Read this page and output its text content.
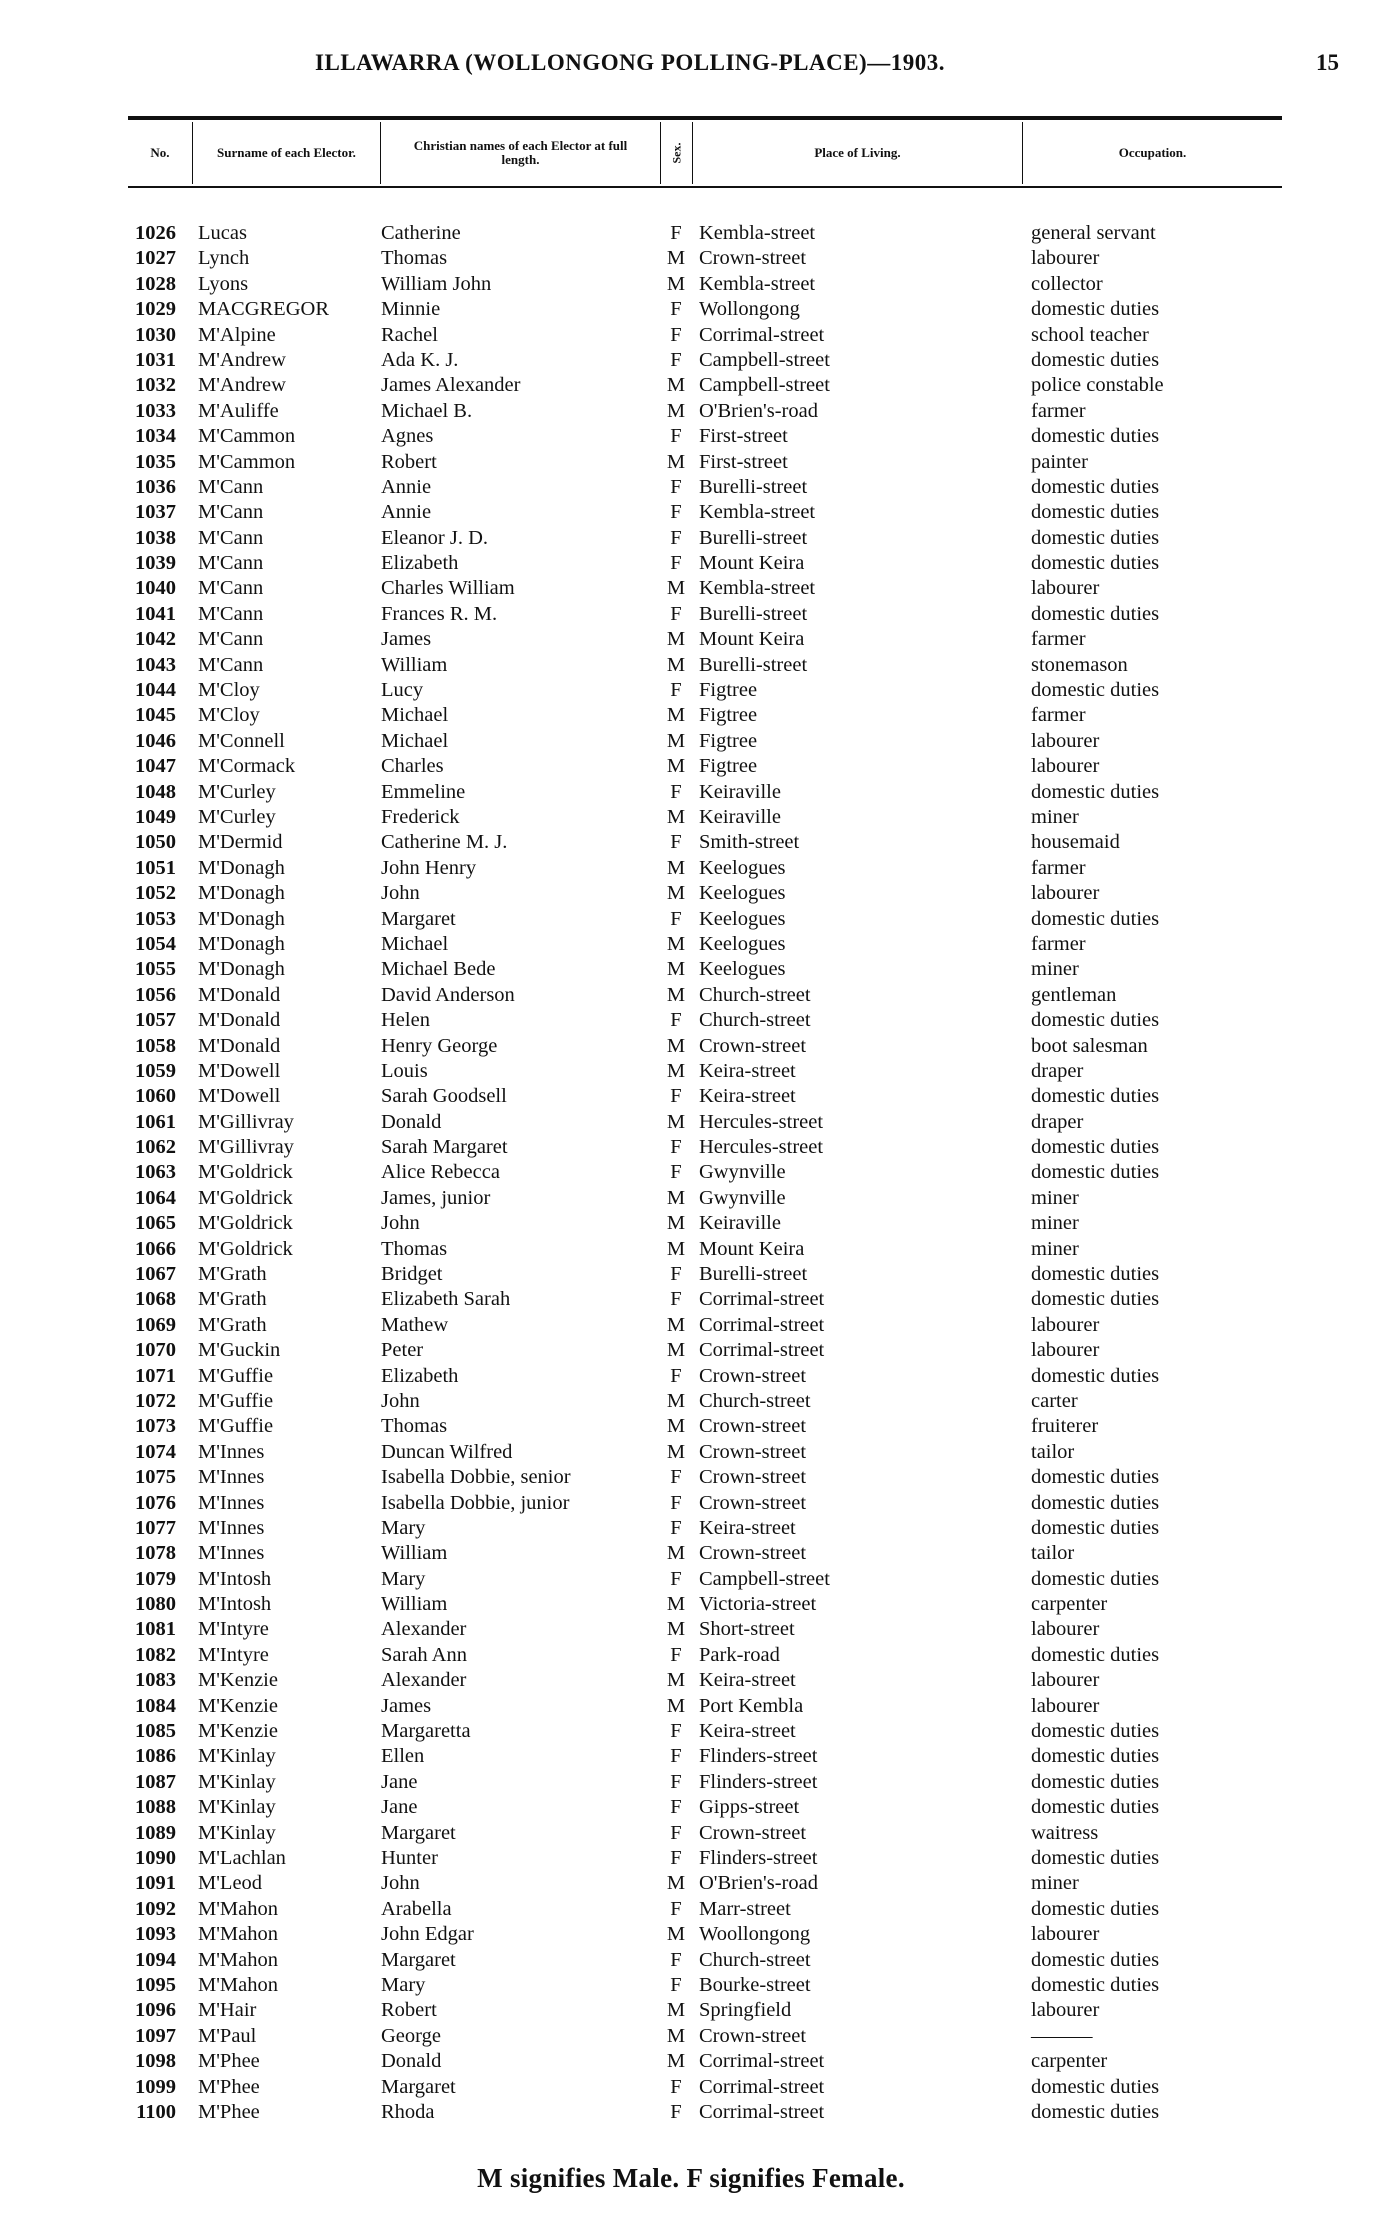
ILLAWARRA (WOLLONGONG POLLING-PLACE)—1903.	15
No.	Surname of each Elector.	Christian names of each Elector at full length.	Sex.	Place of Living.	Occupation.
1026 Lucas	Catherine	F Kembla-street	general servant
1027 Lynch	Thomas	M Crown-street	labourer
1028 Lyons	William John	M Kembla-street	collector
1029 MACGREGOR	Minnie	F Wollongong	domestic duties
1030 M'Alpine	Rachel	F Corrimal-street	school teacher
1031 M'Andrew	Ada K. J.	F Campbell-street	domestic duties
1032 M'Andrew	James Alexander	M Campbell-street	police constable
1033 M'Auliffe	Michael B.	M O'Brien's-road	farmer
1034 M'Cammon	Agnes	F First-street	domestic duties
1035 M'Cammon	Robert	M First-street	painter
1036 M'Cann	Annie	F Burelli-street	domestic duties
1037 M'Cann	Annie	F Kembla-street	domestic duties
1038 M'Cann	Eleanor J. D.	F Burelli-street	domestic duties
1039 M'Cann	Elizabeth	F Mount Keira	domestic duties
1040 M'Cann	Charles William	M Kembla-street	labourer
1041 M'Cann	Frances R. M.	F Burelli-street	domestic duties
1042 M'Cann	James	M Mount Keira	farmer
1043 M'Cann	William	M Burelli-street	stonemason
1044 M'Cloy	Lucy	F Figtree	domestic duties
1045 M'Cloy	Michael	M Figtree	farmer
1046 M'Connell	Michael	M Figtree	labourer
1047 M'Cormack	Charles	M Figtree	labourer
1048 M'Curley	Emmeline	F Keiraville	domestic duties
1049 M'Curley	Frederick	M Keiraville	miner
1050 M'Dermid	Catherine M. J.	F Smith-street	housemaid
1051 M'Donagh	John Henry	M Keelogues	farmer
1052 M'Donagh	John	M Keelogues	labourer
1053 M'Donagh	Margaret	F Keelogues	domestic duties
1054 M'Donagh	Michael	M Keelogues	farmer
1055 M'Donagh	Michael Bede	M Keelogues	miner
1056 M'Donald	David Anderson	M Church-street	gentleman
1057 M'Donald	Helen	F Church-street	domestic duties
1058 M'Donald	Henry George	M Crown-street	boot salesman
1059 M'Dowell	Louis	M Keira-street	draper
1060 M'Dowell	Sarah Goodsell	F Keira-street	domestic duties
1061 M'Gillivray	Donald	M Hercules-street	draper
1062 M'Gillivray	Sarah Margaret	F Hercules-street	domestic duties
1063 M'Goldrick	Alice Rebecca	F Gwynville	domestic duties
1064 M'Goldrick	James, junior	M Gwynville	miner
1065 M'Goldrick	John	M Keiraville	miner
1066 M'Goldrick	Thomas	M Mount Keira	miner
1067 M'Grath	Bridget	F Burelli-street	domestic duties
1068 M'Grath	Elizabeth Sarah	F Corrimal-street	domestic duties
1069 M'Grath	Mathew	M Corrimal-street	labourer
1070 M'Guckin	Peter	M Corrimal-street	labourer
1071 M'Guffie	Elizabeth	F Crown-street	domestic duties
1072 M'Guffie	John	M Church-street	carter
1073 M'Guffie	Thomas	M Crown-street	fruiterer
1074 M'Innes	Duncan Wilfred	M Crown-street	tailor
1075 M'Innes	Isabella Dobbie, senior	F Crown-street	domestic duties
1076 M'Innes	Isabella Dobbie, junior	F Crown-street	domestic duties
1077 M'Innes	Mary	F Keira-street	domestic duties
1078 M'Innes	William	M Crown-street	tailor
1079 M'Intosh	Mary	F Campbell-street	domestic duties
1080 M'Intosh	William	M Victoria-street	carpenter
1081 M'Intyre	Alexander	M Short-street	labourer
1082 M'Intyre	Sarah Ann	F Park-road	domestic duties
1083 M'Kenzie	Alexander	M Keira-street	labourer
1084 M'Kenzie	James	M Port Kembla	labourer
1085 M'Kenzie	Margaretta	F Keira-street	domestic duties
1086 M'Kinlay	Ellen	F Flinders-street	domestic duties
1087 M'Kinlay	Jane	F Flinders-street	domestic duties
1088 M'Kinlay	Jane	F Gipps-street	domestic duties
1089 M'Kinlay	Margaret	F Crown-street	waitress
1090 M'Lachlan	Hunter	F Flinders-street	domestic duties
1091 M'Leod	John	M O'Brien's-road	miner
1092 M'Mahon	Arabella	F Marr-street	domestic duties
1093 M'Mahon	John Edgar	M Woollongong	labourer
1094 M'Mahon	Margaret	F Church-street	domestic duties
1095 M'Mahon	Mary	F Bourke-street	domestic duties
1096 M'Hair	Robert	M Springfield	labourer
1097 M'Paul	George	M Crown-street	———
1098 M'Phee	Donald	M Corrimal-street	carpenter
1099 M'Phee	Margaret	F Corrimal-street	domestic duties
1100 M'Phee	Rhoda	F Corrimal-street	domestic duties
M signifies Male. F signifies Female.
